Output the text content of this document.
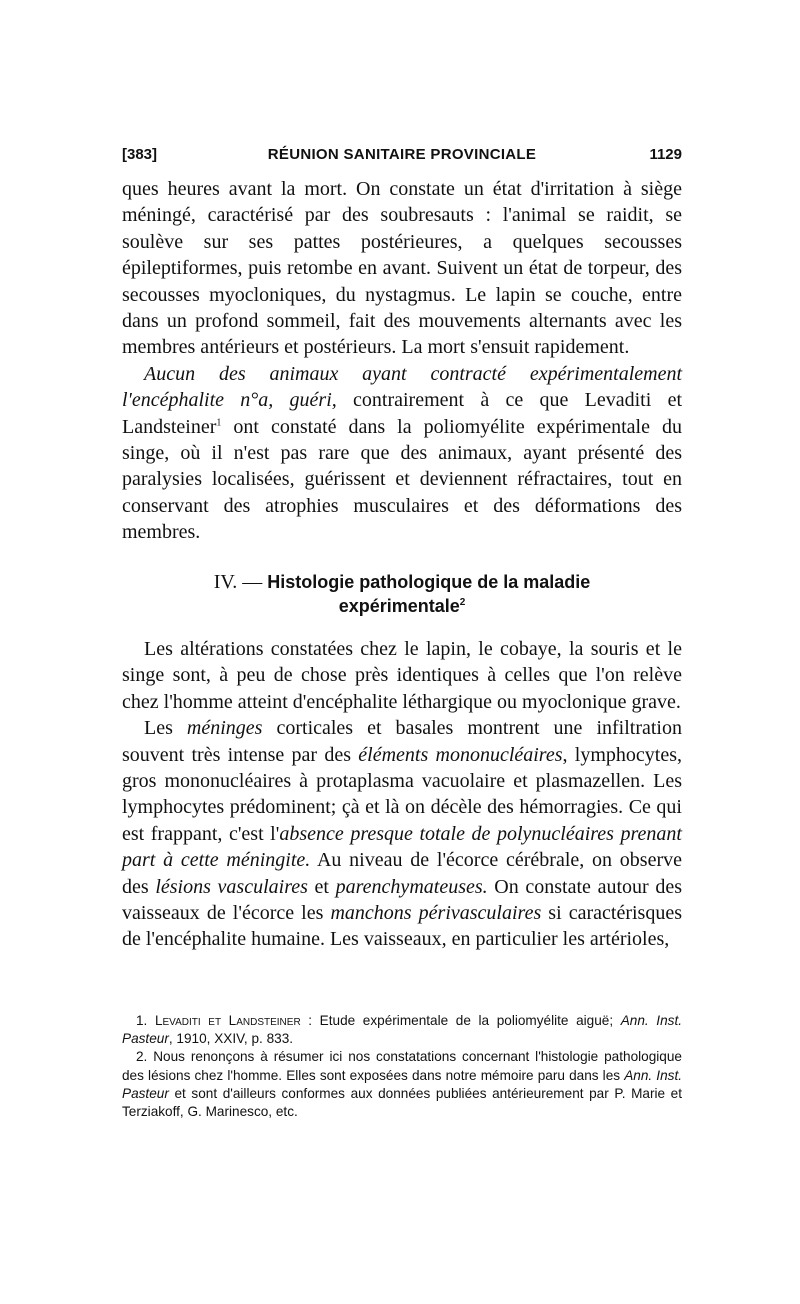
[383]	RÉUNION SANITAIRE PROVINCIALE	1129

ques heures avant la mort. On constate un état d'irritation à siège méningé, caractérisé par des soubresauts : l'animal se raidit, se soulève sur ses pattes postérieures, a quelques secousses épileptiformes, puis retombe en avant. Suivent un état de torpeur, des secousses myocloniques, du nystagmus. Le lapin se couche, entre dans un profond sommeil, fait des mouvements alternants avec les membres antérieurs et postérieurs. La mort s'ensuit rapidement.

Aucun des animaux ayant contracté expérimentalement l'encéphalite n°a, guéri, contrairement à ce que Levaditi et Landsteiner$^1$ ont constaté dans la poliomyélite expérimentale du singe, où il n'est pas rare que des animaux, ayant présenté des paralysies localisées, guérissent et deviennent réfractaires, tout en conservant des atrophies musculaires et des déformations des membres.

IV. — Histologie pathologique de la maladie
expérimentale$^2$

Les altérations constatées chez le lapin, le cobaye, la souris et le singe sont, à peu de chose près identiques à celles que l'on relève chez l'homme atteint d'encéphalite léthargique ou myoclonique grave.

Les méninges corticales et basales montrent une infiltration souvent très intense par des éléments mononucléaires, lymphocytes, gros mononucléaires à protaplasma vacuolaire et plasmazellen. Les lymphocytes prédominent; çà et là on décèle des hémorragies. Ce qui est frappant, c'est l'absence presque totale de polynucléaires prenant part à cette méningite. Au niveau de l'écorce cérébrale, on observe des lésions vasculaires et parenchymateuses. On constate autour des vaisseaux de l'écorce les manchons périvasculaires si caractérisques de l'encéphalite humaine. Les vaisseaux, en particulier les artérioles,

1. Levaditi et Landsteiner : Etude expérimentale de la poliomyélite aiguë; Ann. Inst. Pasteur, 1910, XXIV, p. 833.

2. Nous renonçons à résumer ici nos constatations concernant l'histologie pathologique des lésions chez l'homme. Elles sont exposées dans notre mémoire paru dans les Ann. Inst. Pasteur et sont d'ailleurs conformes aux données publiées antérieurement par P. Marie et Terziakoff, G. Marinesco, etc.
